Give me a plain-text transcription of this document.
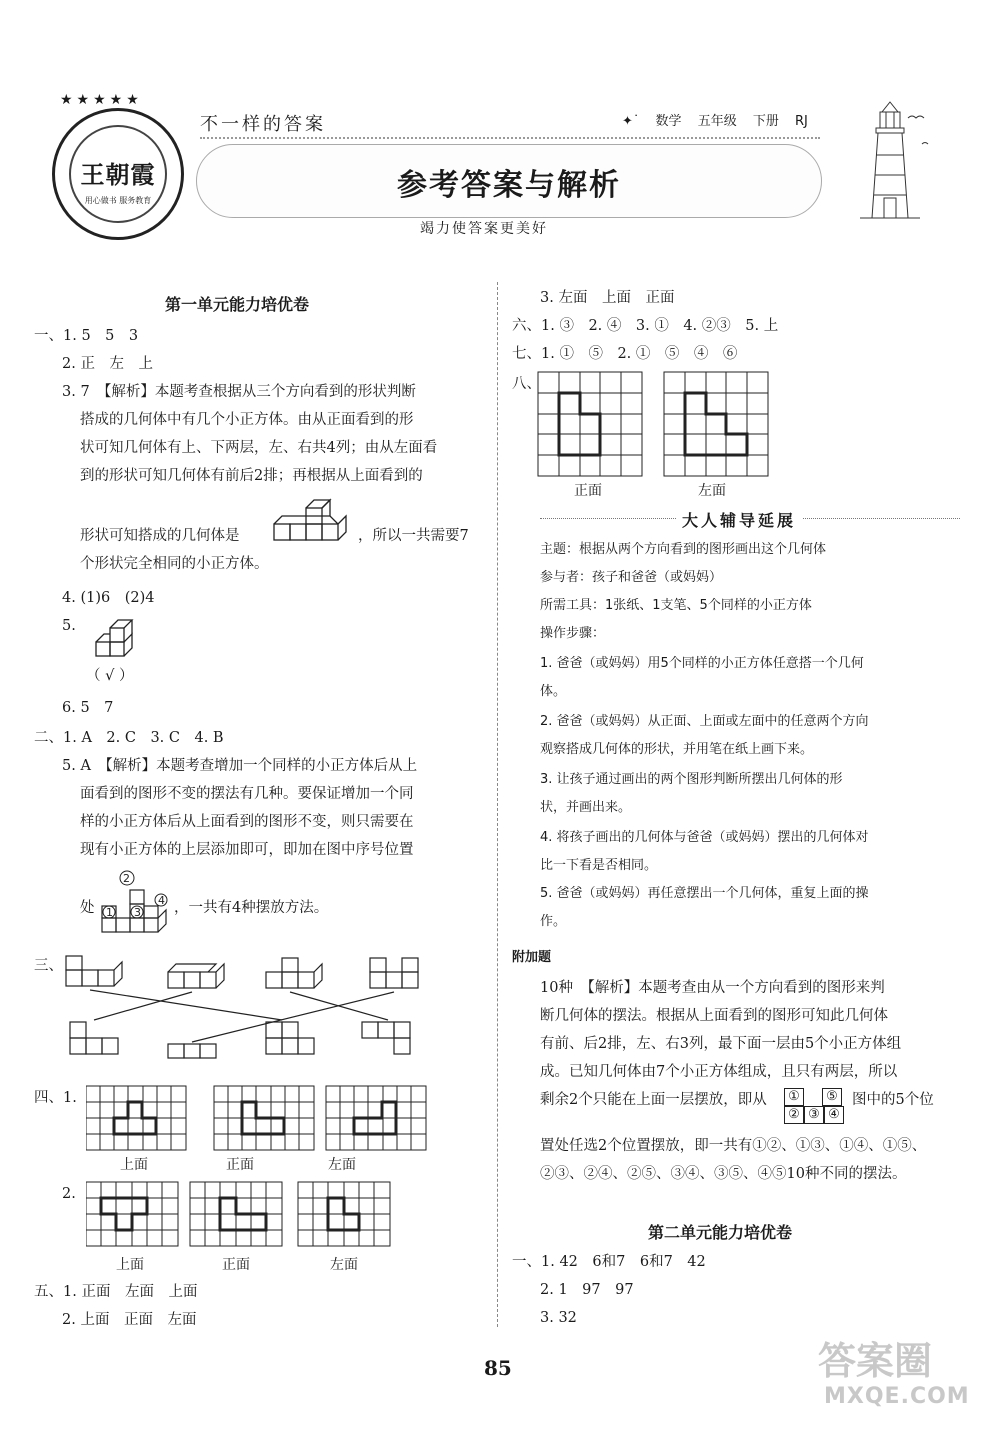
★★★★★
王朝霞
用心做书 服务教育
不一样的答案	✦˙ 数学 五年级 下册 RJ
参考答案与解析
竭力使答案更美好
第一单元能力培优卷
一、1. 5　5　3
2. 正　左　上
3. 7　【解析】本题考查根据从三个方向看到的形状判断
搭成的几何体中有几个小正方体。由从正面看到的形
状可知几何体有上、下两层，左、右共4列；由从左面看
到的形状可知几何体有前后2排；再根据从上面看到的
形状可知搭成的几何体是	，所以一共需要7
个形状完全相同的小正方体。
4. (1)6　(2)4
5.
（ √ ）
6. 5　7
二、1. A　2. C　3. C　4. B
5. A　【解析】本题考查增加一个同样的小正方体后从上
面看到的图形不变的摆法有几种。要保证增加一个同
样的小正方体后从上面看到的图形不变，则只需要在
现有小正方体的上层添加即可，即加在图中序号位置
处
2
1 3
4 ，一共有4种摆放方法。
三、
四、1.
上面	正面	左面
2.
上面	正面	左面
五、1. 正面　左面　上面
2. 上面　正面　左面
3. 左面　上面　正面
六、1. ③　2. ④　3. ①　4. ②③　5. 上
七、1. ①　⑤　2. ①　⑤　④　⑥
八、
正面	左面
大人辅导延展
主题：根据从两个方向看到的图形画出这个几何体
参与者：孩子和爸爸（或妈妈）
所需工具：1张纸、1支笔、5个同样的小正方体
操作步骤：
1. 爸爸（或妈妈）用5个同样的小正方体任意搭一个几何
体。
2. 爸爸（或妈妈）从正面、上面或左面中的任意两个方向
观察搭成几何体的形状，并用笔在纸上画下来。
3. 让孩子通过画出的两个图形判断所摆出几何体的形
状，并画出来。
4. 将孩子画出的几何体与爸爸（或妈妈）摆出的几何体对
比一下看是否相同。
5. 爸爸（或妈妈）再任意摆出一个几何体，重复上面的操
作。
附加题
10种　【解析】本题考查由从一个方向看到的图形来判
断几何体的摆法。根据从上面看到的图形可知此几何体
有前、后2排，左、右3列，最下面一层由5个小正方体组
成。已知几何体由7个小正方体组成，且只有两层，所以
剩余2个只能在上面一层摆放，即从	①	⑤
② ③ ④
图中的5个位
置处任选2个位置摆放，即一共有①②、①③、①④、①⑤、
②③、②④、②⑤、③④、③⑤、④⑤10种不同的摆法。
第二单元能力培优卷
一、1. 42　6和7　6和7　42
2. 1　97　97
3. 32
85	答案圈
MXQE.COM
